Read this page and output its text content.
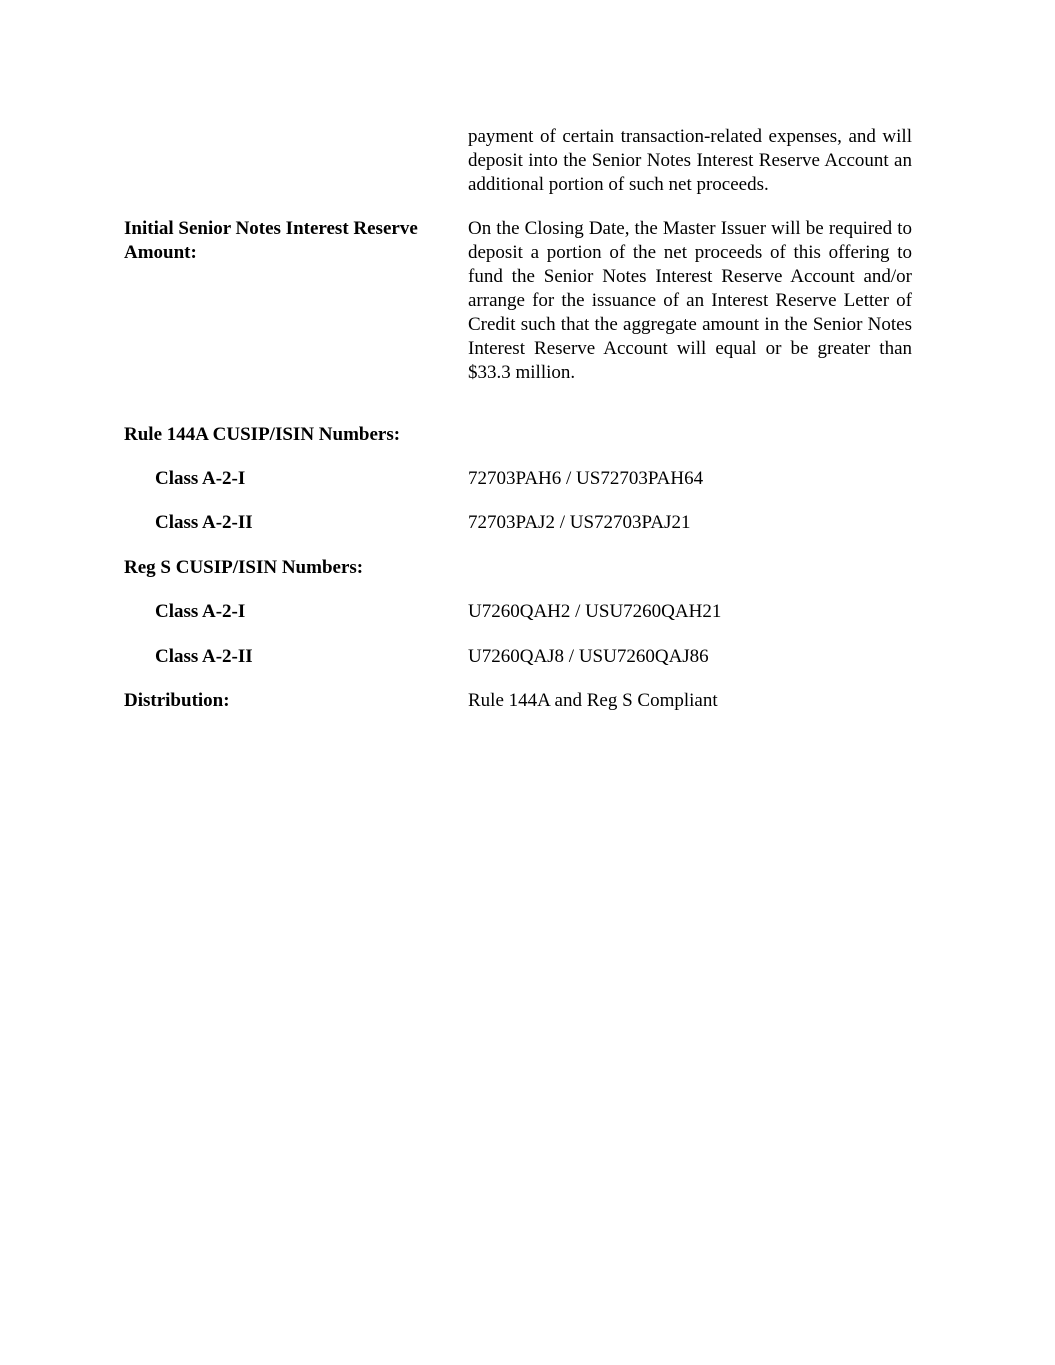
payment of certain transaction-related expenses, and will deposit into the Senior Notes Interest Reserve Account an additional portion of such net proceeds.
Initial Senior Notes Interest Reserve Amount:
On the Closing Date, the Master Issuer will be required to deposit a portion of the net proceeds of this offering to fund the Senior Notes Interest Reserve Account and/or arrange for the issuance of an Interest Reserve Letter of Credit such that the aggregate amount in the Senior Notes Interest Reserve Account will equal or be greater than $33.3 million.
Rule 144A CUSIP/ISIN Numbers:
Class A-2-I	72703PAH6 / US72703PAH64
Class A-2-II	72703PAJ2 / US72703PAJ21
Reg S CUSIP/ISIN Numbers:
Class A-2-I	U7260QAH2 / USU7260QAH21
Class A-2-II	U7260QAJ8 / USU7260QAJ86
Distribution:	Rule 144A and Reg S Compliant
